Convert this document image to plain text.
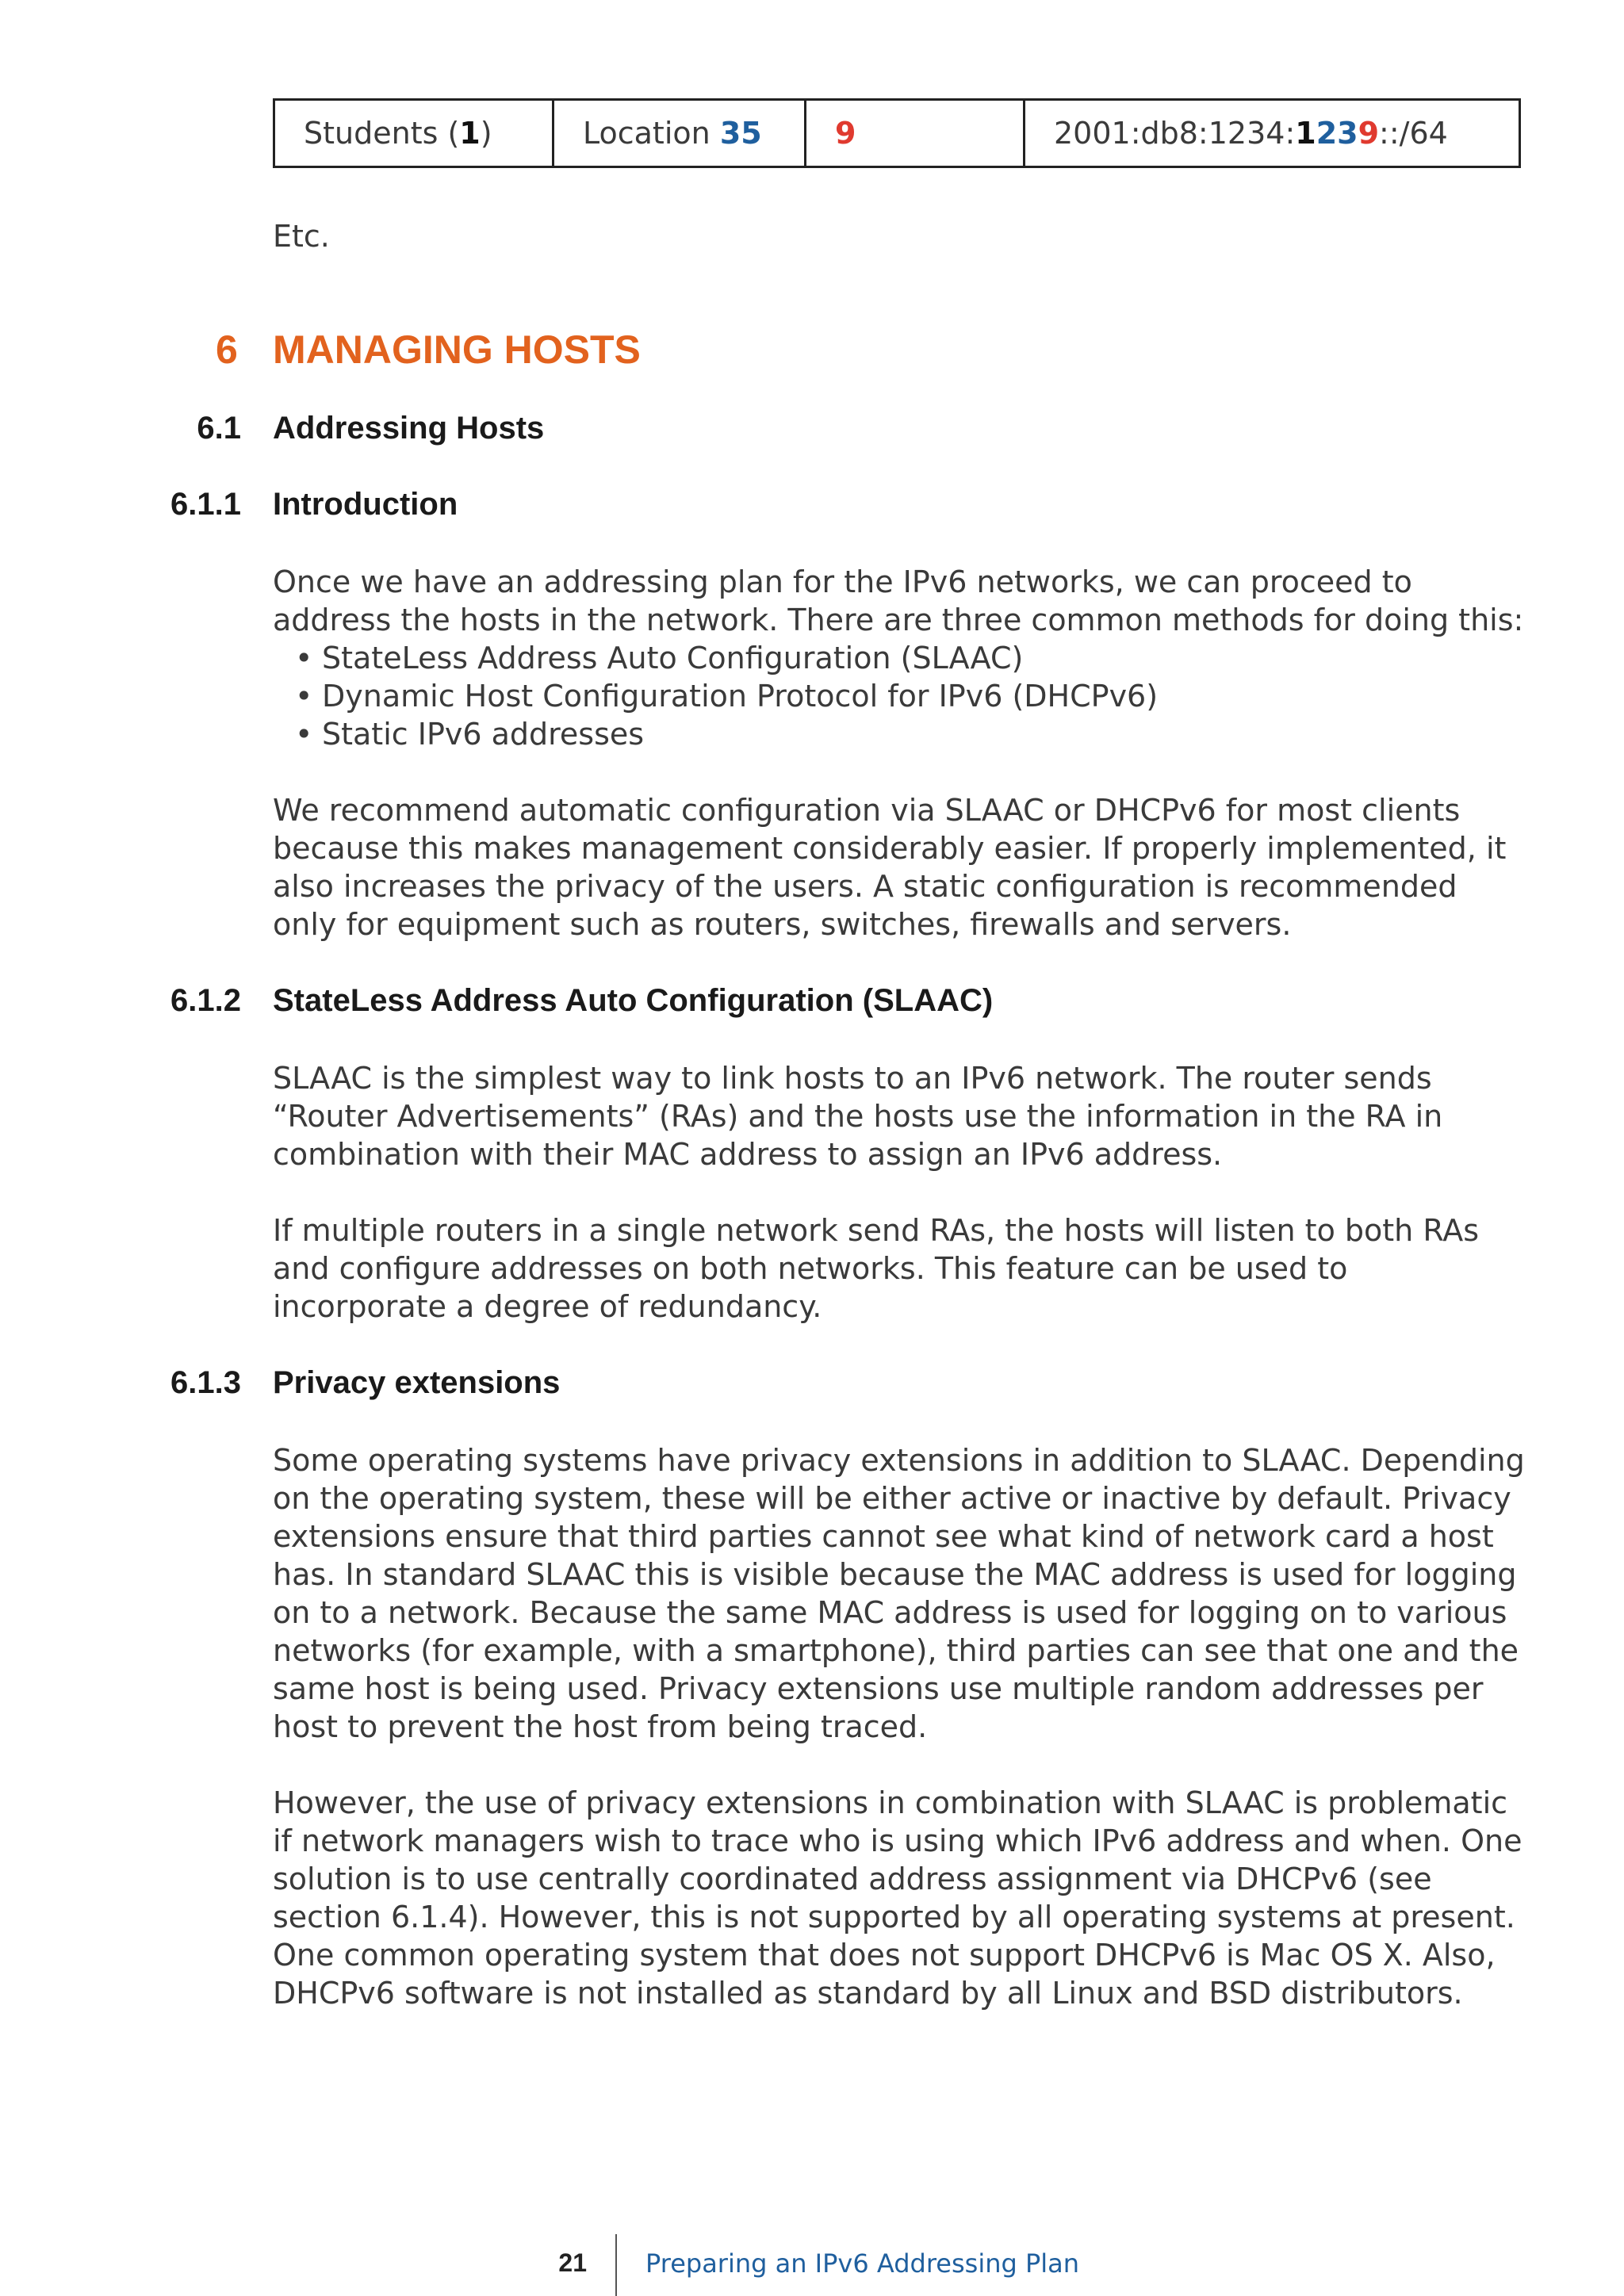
Students ( 1 )	Location
35 9	2001:db8:1234: 1 23 9 ::/64
Etc.
6 MANAGING HOSTS
6.1 Addressing Hosts
6.1.1 Introduction

Once we have an addressing plan for the IPv6 networks, we can proceed to address the hosts in the network. There are three common methods for doing this:

• StateLess Address Auto Configuration (SLAAC)
• Dynamic Host Configuration Protocol for IPv6 (DHCPv6)
• Static IPv6 addresses
We recommend automatic configuration via SLAAC or DHCPv6 for most clients because this makes management considerably easier. If properly implemented, it also increases the privacy of the users. A static configuration is recommended only for equipment such as routers, switches, firewalls and servers.
6.1.2 StateLess Address Auto Configuration (SLAAC)
SLAAC is the simplest way to link hosts to an IPv6 network. The router sends “Router Advertisements” (RAs) and the hosts use the information in the RA in combination with their MAC address to assign an IPv6 address.
If multiple routers in a single network send RAs, the hosts will listen to both RAs and configure addresses on both networks. This feature can be used to incorporate a degree of redundancy.
6.1.3 Privacy extensions
Some operating systems have privacy extensions in addition to SLAAC. Depending on the operating system, these will be either active or inactive by default. Privacy extensions ensure that third parties cannot see what kind of network card a host has. In standard SLAAC this is visible because the MAC address is used for logging on to a network. Because the same MAC address is used for logging on to various networks (for example, with a smartphone), third parties can see that one and the same host is being used. Privacy extensions use multiple random addresses per host to prevent the host from being traced.
However, the use of privacy extensions in combination with SLAAC is problematic if network managers wish to trace who is using which IPv6 address and when. One solution is to use centrally coordinated address assignment via DHCPv6 (see section 6.1.4). However, this is not supported by all operating systems at present. One common operating system that does not support DHCPv6 is Mac OS X. Also, DHCPv6 software is not installed as standard by all Linux and BSD distributors.
21 Preparing an IPv6 Addressing Plan
